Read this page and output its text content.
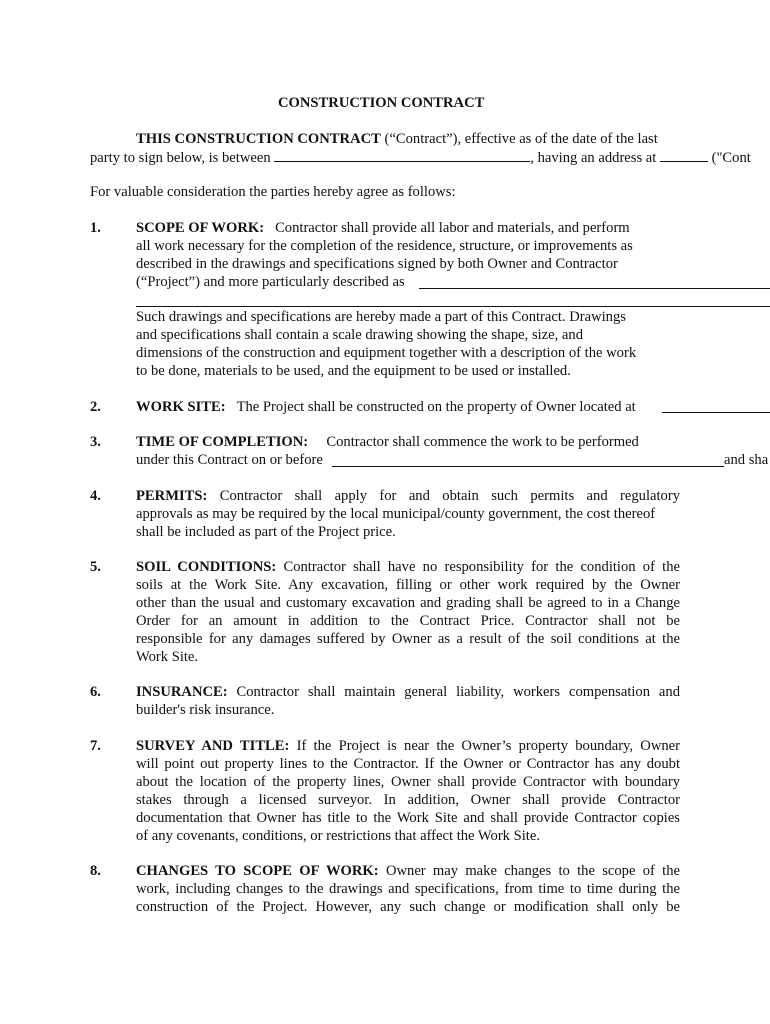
CONSTRUCTION CONTRACT
THIS CONSTRUCTION CONTRACT (“Contract”), effective as of the date of the last
party to sign below, is between	, having an address at	("Cont
For valuable consideration the parties hereby agree as follows:
1. SCOPE OF WORK: Contractor shall provide all labor and materials, and perform
all work necessary for the completion of the residence, structure, or improvements as
described in the drawings and specifications signed by both Owner and Contractor
(“Project”) and more particularly described as
Such drawings and specifications are hereby made a part of this Contract. Drawings
and specifications shall contain a scale drawing showing the shape, size, and
dimensions of the construction and equipment together with a description of the work
to be done, materials to be used, and the equipment to be used or installed.
2. WORK SITE: The Project shall be constructed on the property of Owner located at
3. TIME OF COMPLETION: Contractor shall commence the work to be performed
under this Contract on or before	and sha
4. PERMITS: Contractor shall apply for and obtain such permits and regulatory
approvals as may be required by the local municipal/county government, the cost thereof
shall be included as part of the Project price.
5. SOIL CONDITIONS: Contractor shall have no responsibility for the condition of the
soils at the Work Site. Any excavation, filling or other work required by the Owner
other than the usual and customary excavation and grading shall be agreed to in a Change
Order for an amount in addition to the Contract Price. Contractor shall not be
responsible for any damages suffered by Owner as a result of the soil conditions at the
Work Site.
6. INSURANCE: Contractor shall maintain general liability, workers compensation and
builder's risk insurance.
7. SURVEY AND TITLE: If the Project is near the Owner’s property boundary, Owner
will point out property lines to the Contractor. If the Owner or Contractor has any doubt
about the location of the property lines, Owner shall provide Contractor with boundary
stakes through a licensed surveyor. In addition, Owner shall provide Contractor
documentation that Owner has title to the Work Site and shall provide Contractor copies
of any covenants, conditions, or restrictions that affect the Work Site.
8. CHANGES TO SCOPE OF WORK: Owner may make changes to the scope of the
work, including changes to the drawings and specifications, from time to time during the
construction of the Project. However, any such change or modification shall only be
